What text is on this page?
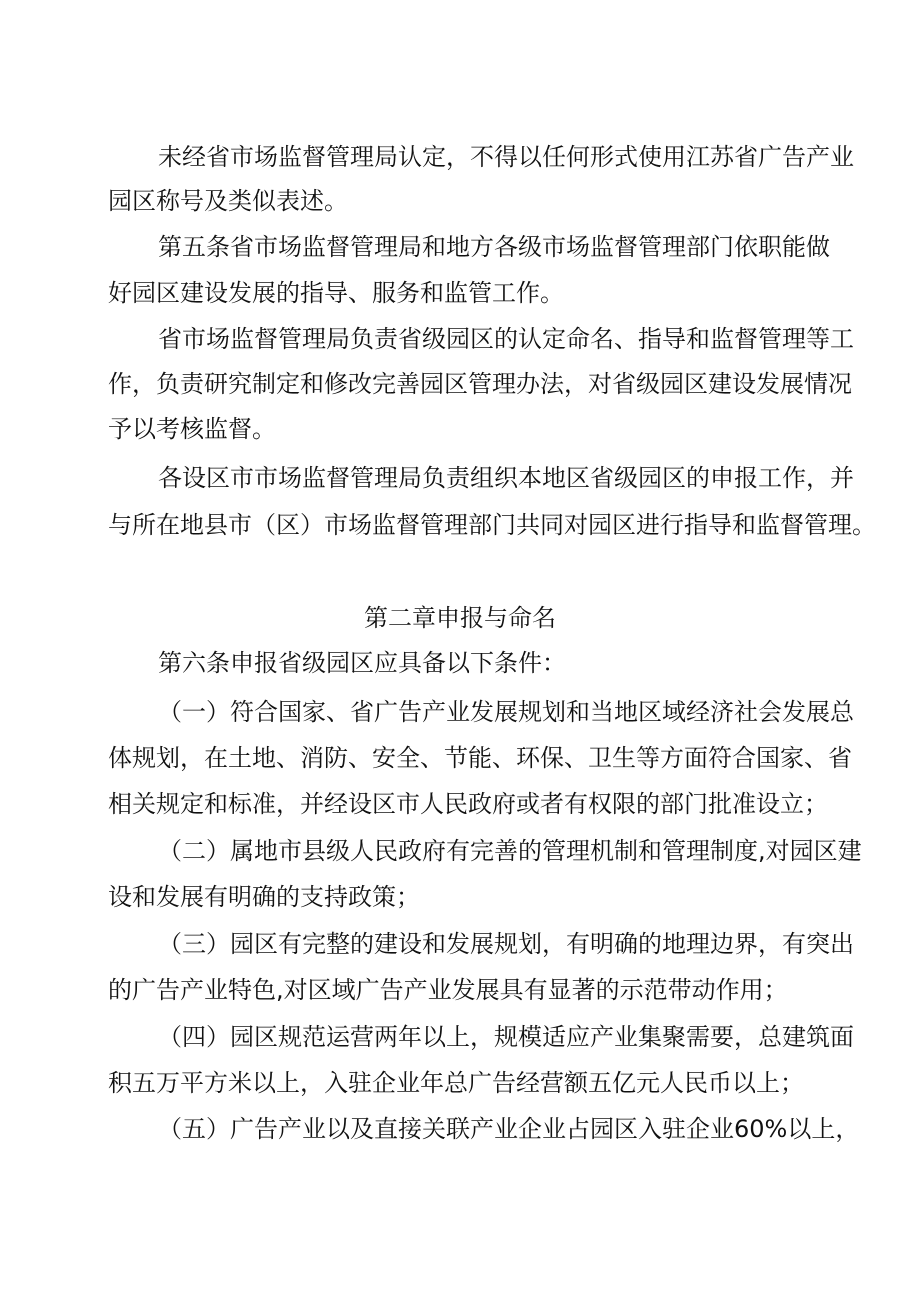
未经省市场监督管理局认定，不得以任何形式使用江苏省广告产业
园区称号及类似表述。
第五条省市场监督管理局和地方各级市场监督管理部门依职能做
好园区建设发展的指导、服务和监管工作。
省市场监督管理局负责省级园区的认定命名、指导和监督管理等工
作，负责研究制定和修改完善园区管理办法，对省级园区建设发展情况
予以考核监督。
各设区市市场监督管理局负责组织本地区省级园区的申报工作，并
与所在地县市（区）市场监督管理部门共同对园区进行指导和监督管理。
第二章申报与命名
第六条申报省级园区应具备以下条件：
（一）符合国家、省广告产业发展规划和当地区域经济社会发展总
体规划，在土地、消防、安全、节能、环保、卫生等方面符合国家、省
相关规定和标准，并经设区市人民政府或者有权限的部门批准设立；
（二）属地市县级人民政府有完善的管理机制和管理制度,对园区建
设和发展有明确的支持政策；
（三）园区有完整的建设和发展规划，有明确的地理边界，有突出
的广告产业特色,对区域广告产业发展具有显著的示范带动作用；
（四）园区规范运营两年以上，规模适应产业集聚需要，总建筑面
积五万平方米以上，入驻企业年总广告经营额五亿元人民币以上；
（五）广告产业以及直接关联产业企业占园区入驻企业60%以上，
